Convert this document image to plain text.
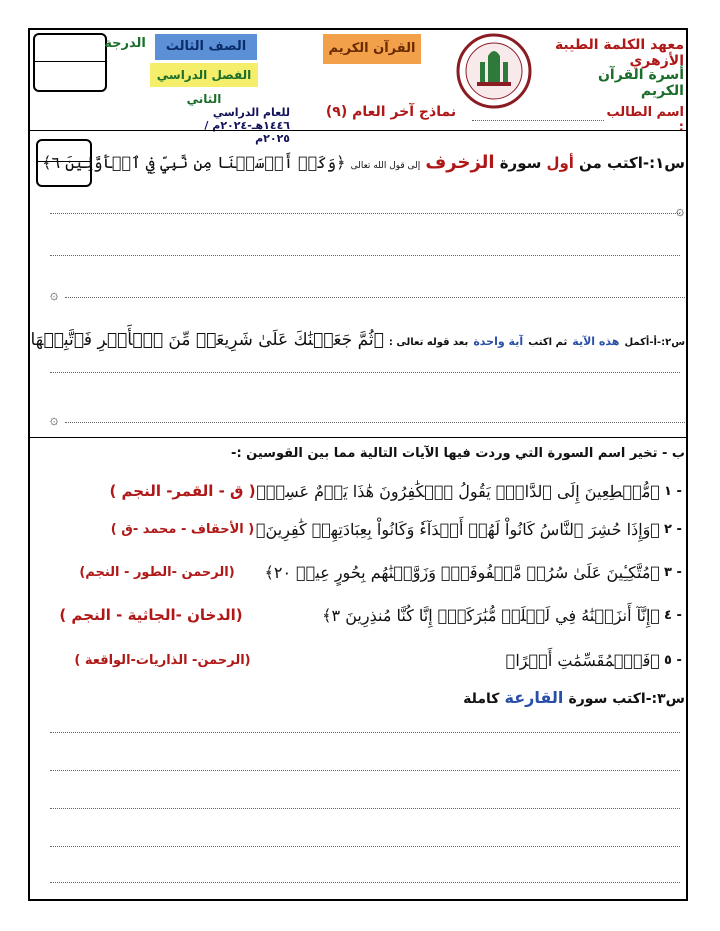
الدرجة	الصف الثالث
الفصل الدراسي الثاني
القرآن الكريم	معهد الكلمة الطيبة الأزهري
أسرة القرآن الكريم
للعام الدراسي ١٤٤٦هـ-٢٠٢٤م /٢٠٢٥م
نماذج آخر العام (٩)	اسم الطالب :
س١:-اكتب من أول سورة الزخرف إلى قول الله تعالى ﴿وَكَمۡ أَرۡسَلۡنَا مِن نَّبِيّٖ فِي ٱلۡأَوَّلِينَ ٦﴾
۞
۞
س٢:-أ-أكمل هذه الآية ثم اكتب آية واحدة بعد قوله تعالى : ﴿ثُمَّ جَعَلۡنَٰكَ عَلَىٰ شَرِيعَةٖ مِّنَ ٱلۡأَمۡرِ فَٱتَّبِعۡهَا
۞
ب - تخير اسم السورة التي وردت فيها الآيات التالية مما بين القوسين :-
﴿مُّهۡطِعِينَ إِلَى ٱلدَّاعِۖ يَقُولُ ٱلۡكَٰفِرُونَ هَٰذَا يَوۡمٌ عَسِرٞ﴾ ١ -
( ق - القمر- النجم )
﴿وَإِذَا حُشِرَ ٱلنَّاسُ كَانُواْ لَهُمۡ أَعۡدَآءٗ وَكَانُواْ بِعِبَادَتِهِمۡ كَٰفِرِينَ﴾ ٢ -
( الأحقاف - محمد -ق )
﴿مُتَّكِـِٔينَ عَلَىٰ سُرُرٖ مَّصۡفُوفَةٖۖ وَزَوَّجۡنَٰهُم بِحُورٍ عِينٖ ٢٠﴾ ٣ -
(الرحمن -الطور - النجم)
﴿إِنَّآ أَنزَلۡنَٰهُ فِي لَيۡلَةٖ مُّبَٰرَكَةٍۚ إِنَّا كُنَّا مُنذِرِينَ ٣﴾ ٤ -
(الدخان -الجاثية - النجم )
﴿فَٱلۡمُقَسِّمَٰتِ أَمۡرًا﴾ ٥ -
(الرحمن- الذاريات-الواقعة )
س٣:-اكتب سورة القارعة كاملة
